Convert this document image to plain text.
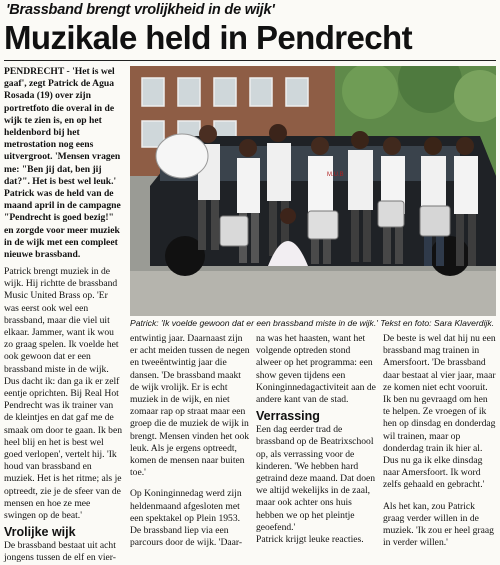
'Brassband brengt vrolijkheid in de wijk'
Muzikale held in Pendrecht

PENDRECHT - 'Het is wel gaaf', zegt Patrick de Agua Rosada (19) over zijn portretfoto die overal in de wijk te zien is, en op het heldenbord bij het metrostation nog eens uitvergroot. 'Mensen vragen me: "Ben jij dat, ben jij dat?". Het is best wel leuk.' Patrick was de held van de maand april in de campagne "Pendrecht is goed bezig!" en zorgde voor meer muziek in de wijk met een compleet nieuwe brassband.

Patrick brengt muziek in de wijk. Hij richtte de brassband Music United Brass op. 'Er was eerst ook wel een brassband, maar die viel uit elkaar. Jammer, want ik wou zo graag spelen. Ik voelde het ook gewoon dat er een brassband miste in de wijk. Dus dacht ik: dan ga ik er zelf eentje oprichten. Bij Real Hot Pendrecht was ik trainer van de kleintjes en dat gaf me de smaak om door te gaan. Ik ben heel blij en het is best wel goed verlopen', vertelt hij. 'Ik houd van brassband en muziek. Het is het ritme; als je optreedt, zie je de sfeer van de mensen en hoe ze mee swingen op de beat.'

Vrolijke wijk

De brassband bestaat uit acht jongens tussen de elf en vier-

M.U.B
Patrick: 'Ik voelde gewoon dat er een brassband miste in de wijk.' Tekst en foto: Sara Klaverdijk.

entwintig jaar. Daarnaast zijn er acht meiden tussen de negen en tweeëntwintig jaar die dansen. 'De brassband maakt de wijk vrolijk. Er is echt muziek in de wijk, en niet zomaar rap op straat maar een groep die de muziek de wijk in brengt. Mensen vinden het ook leuk. Als je ergens optreedt, komen de mensen naar buiten toe.'

Op Koninginnedag werd zijn heldenmaand afgesloten met een spektakel op Plein 1953. De brassband liep via een parcours door de wijk. 'Daar-

na was het haasten, want het volgende optreden stond alweer op het programma: een show geven tijdens een Koninginnedagactiviteit aan de andere kant van de stad.

Verrassing

Een dag eerder trad de brassband op de Beatrixschool op, als verrassing voor de kinderen. 'We hebben hard getraind deze maand. Dat doen we altijd wekelijks in de zaal, maar ook achter ons huis hebben we op het pleintje geoefend.'

Patrick krijgt leuke reacties.

De beste is wel dat hij nu een brassband mag trainen in Amersfoort. 'De brassband daar bestaat al vier jaar, maar ze komen niet echt vooruit. Ik ben nu gevraagd om hen te helpen. Ze vroegen of ik hen op dinsdag en donderdag wil trainen, maar op donderdag train ik hier al. Dus nu ga ik elke dinsdag naar Amersfoort. Ik word zelfs gehaald en gebracht.'

Als het kan, zou Patrick graag verder willen in de muziek. 'Ik zou er heel graag in verder willen.'
